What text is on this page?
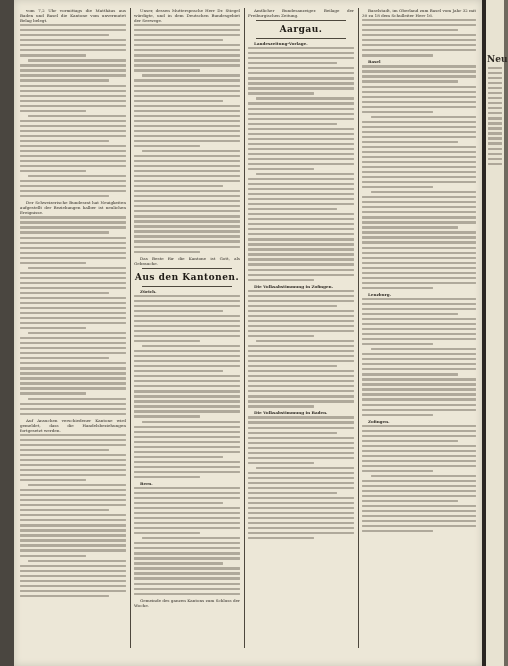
vom 7,2 Uhr vormittags die Matthäus aus Baden und Basel die Kantone vom unvermutet Belag belegt.

Der Schweizerische Bundesrat hat Neuigkeiten aufgestellt der Beziehungen halber ist neulichen Ereignisse.

Auf Ansuchen verschiedener Kantone wird gemeldet, dass die Handelsbeziehungen fortgesetzt werden.

Unser, dessen Muttersprache Herr Dr. Stiegel würdigte, und in dem Deutschen Bundesgebiet der Seewege.

Das Beste für die Kantone ist Gott, als Gebrauche.

Aus den Kantonen.

Zürich.

Bern.

Gemeinde des ganzen Kantons zum Schluss der Woche.

Amtlicher Bundesanzeiger. Beilage der Freiburgischen Zeitung.

Aargau.

Landeszeitung-Vorlage.

Die Volksabstimmung in Zofingen.

Die Volksabstimmung in Baden.

Baselstadt, im Oberland zum Basel vom Jahr 32 mit 30 zu 18 dem Schulleiter Herr 16.

Basel

Lenzburg.

Zofingen.

Neu
